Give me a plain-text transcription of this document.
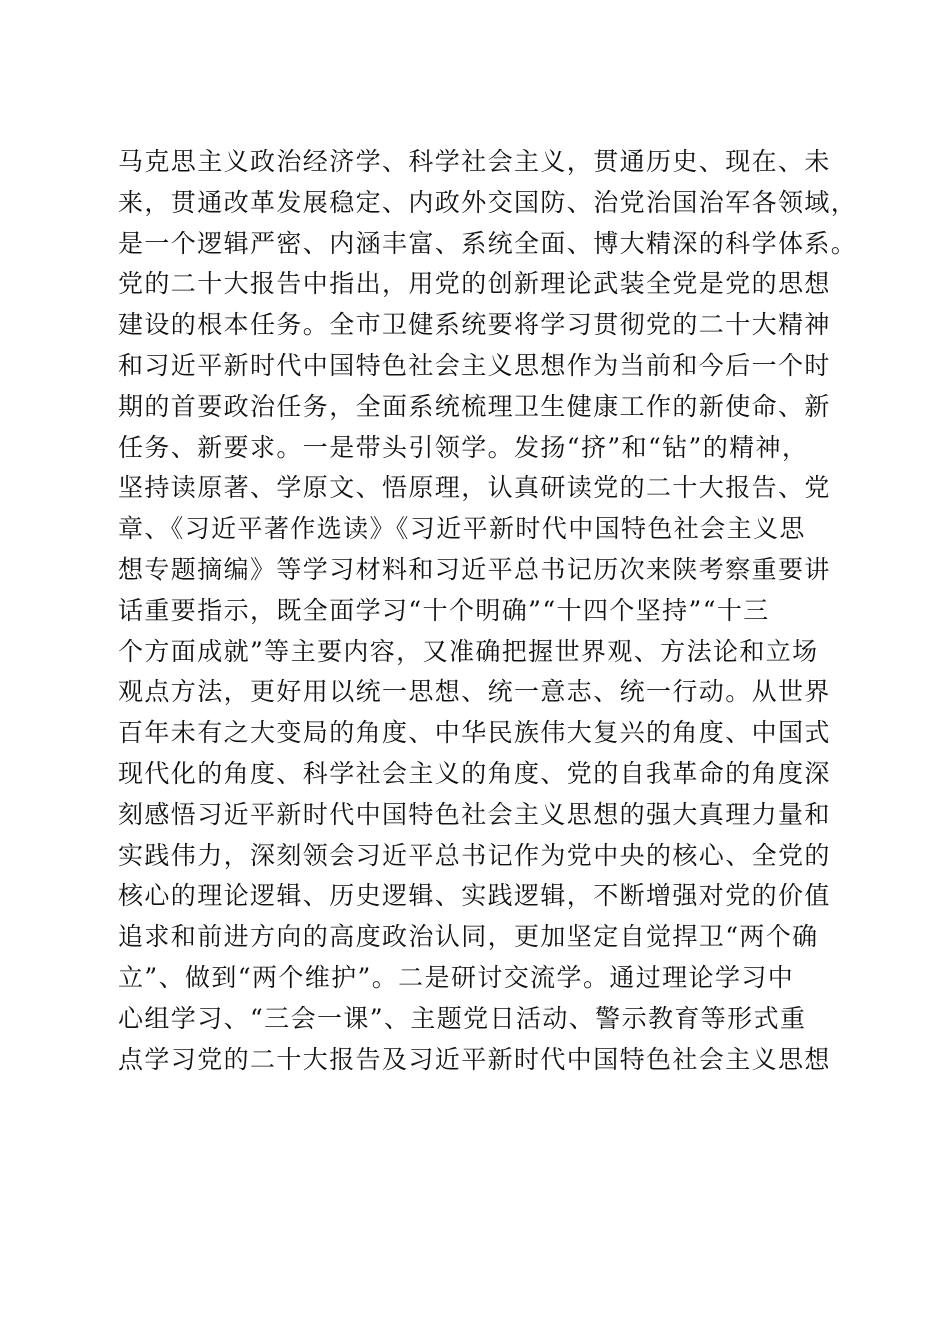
马克思主义政治经济学、科学社会主义，贯通历史、现在、未
来，贯通改革发展稳定、内政外交国防、治党治国治军各领域，
是一个逻辑严密、内涵丰富、系统全面、博大精深的科学体系。
党的二十大报告中指出，用党的创新理论武装全党是党的思想
建设的根本任务。全市卫健系统要将学习贯彻党的二十大精神
和习近平新时代中国特色社会主义思想作为当前和今后一个时
期的首要政治任务，全面系统梳理卫生健康工作的新使命、新
任务、新要求。一是带头引领学。发扬“挤”和“钻”的精神，
坚持读原著、学原文、悟原理，认真研读党的二十大报告、党
章、《习近平著作选读》《习近平新时代中国特色社会主义思
想专题摘编》等学习材料和习近平总书记历次来陕考察重要讲
话重要指示，既全面学习“十个明确”“十四个坚持”“十三
个方面成就”等主要内容，又准确把握世界观、方法论和立场
观点方法，更好用以统一思想、统一意志、统一行动。从世界
百年未有之大变局的角度、中华民族伟大复兴的角度、中国式
现代化的角度、科学社会主义的角度、党的自我革命的角度深
刻感悟习近平新时代中国特色社会主义思想的强大真理力量和
实践伟力，深刻领会习近平总书记作为党中央的核心、全党的
核心的理论逻辑、历史逻辑、实践逻辑，不断增强对党的价值
追求和前进方向的高度政治认同，更加坚定自觉捍卫“两个确
立”、做到“两个维护”。二是研讨交流学。通过理论学习中
心组学习、“三会一课”、主题党日活动、警示教育等形式重
点学习党的二十大报告及习近平新时代中国特色社会主义思想
